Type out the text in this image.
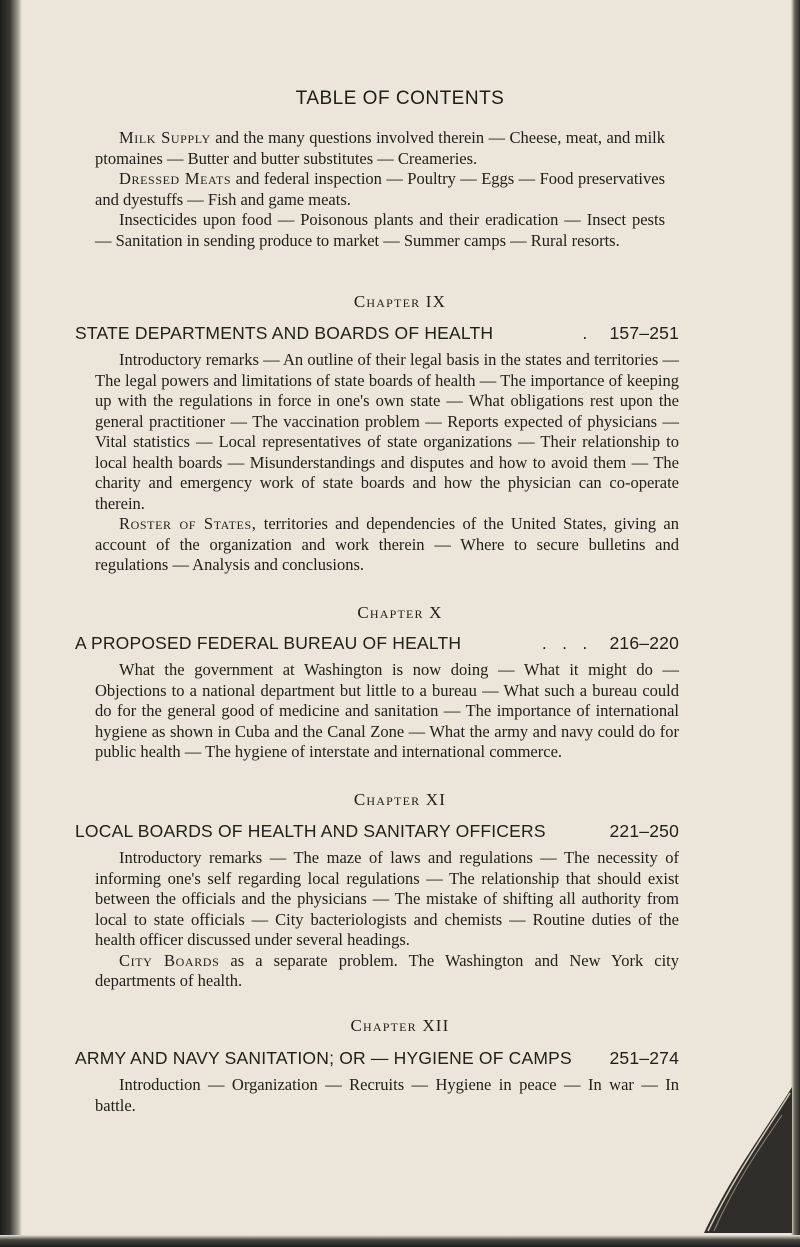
TABLE OF CONTENTS

Milk Supply and the many questions involved therein — Cheese, meat, and milk ptomaines — Butter and butter substitutes — Creameries.

Dressed Meats and federal inspection — Poultry — Eggs — Food preservatives and dyestuffs — Fish and game meats.

Insecticides upon food — Poisonous plants and their eradication — Insect pests — Sanitation in sending produce to market — Summer camps — Rural resorts.

Chapter IX
STATE DEPARTMENTS AND BOARDS OF HEALTH	. 157–251

Introductory remarks — An outline of their legal basis in the states and territories — The legal powers and limitations of state boards of health — The importance of keeping up with the regulations in force in one's own state — What obligations rest upon the general practitioner — The vaccination problem — Reports expected of physicians — Vital statistics — Local representatives of state organizations — Their relationship to local health boards — Misunderstandings and disputes and how to avoid them — The charity and emergency work of state boards and how the physician can co-operate therein.

Roster of States, territories and dependencies of the United States, giving an account of the organization and work therein — Where to secure bulletins and regulations — Analysis and conclusions.

Chapter X
A PROPOSED FEDERAL BUREAU OF HEALTH	.   .   . 216–220

What the government at Washington is now doing — What it might do — Objections to a national department but little to a bureau — What such a bureau could do for the general good of medicine and sanitation — The importance of international hygiene as shown in Cuba and the Canal Zone — What the army and navy could do for public health — The hygiene of interstate and international commerce.

Chapter XI
LOCAL BOARDS OF HEALTH AND SANITARY OFFICERS	221–250

Introductory remarks — The maze of laws and regulations — The necessity of informing one's self regarding local regulations — The relationship that should exist between the officials and the physicians — The mistake of shifting all authority from local to state officials — City bacteriologists and chemists — Routine duties of the health officer discussed under several headings.

City Boards as a separate problem. The Washington and New York city departments of health.

Chapter XII
ARMY AND NAVY SANITATION; OR — HYGIENE OF CAMPS 251–274

Introduction — Organization — Recruits — Hygiene in peace — In war — In battle.
